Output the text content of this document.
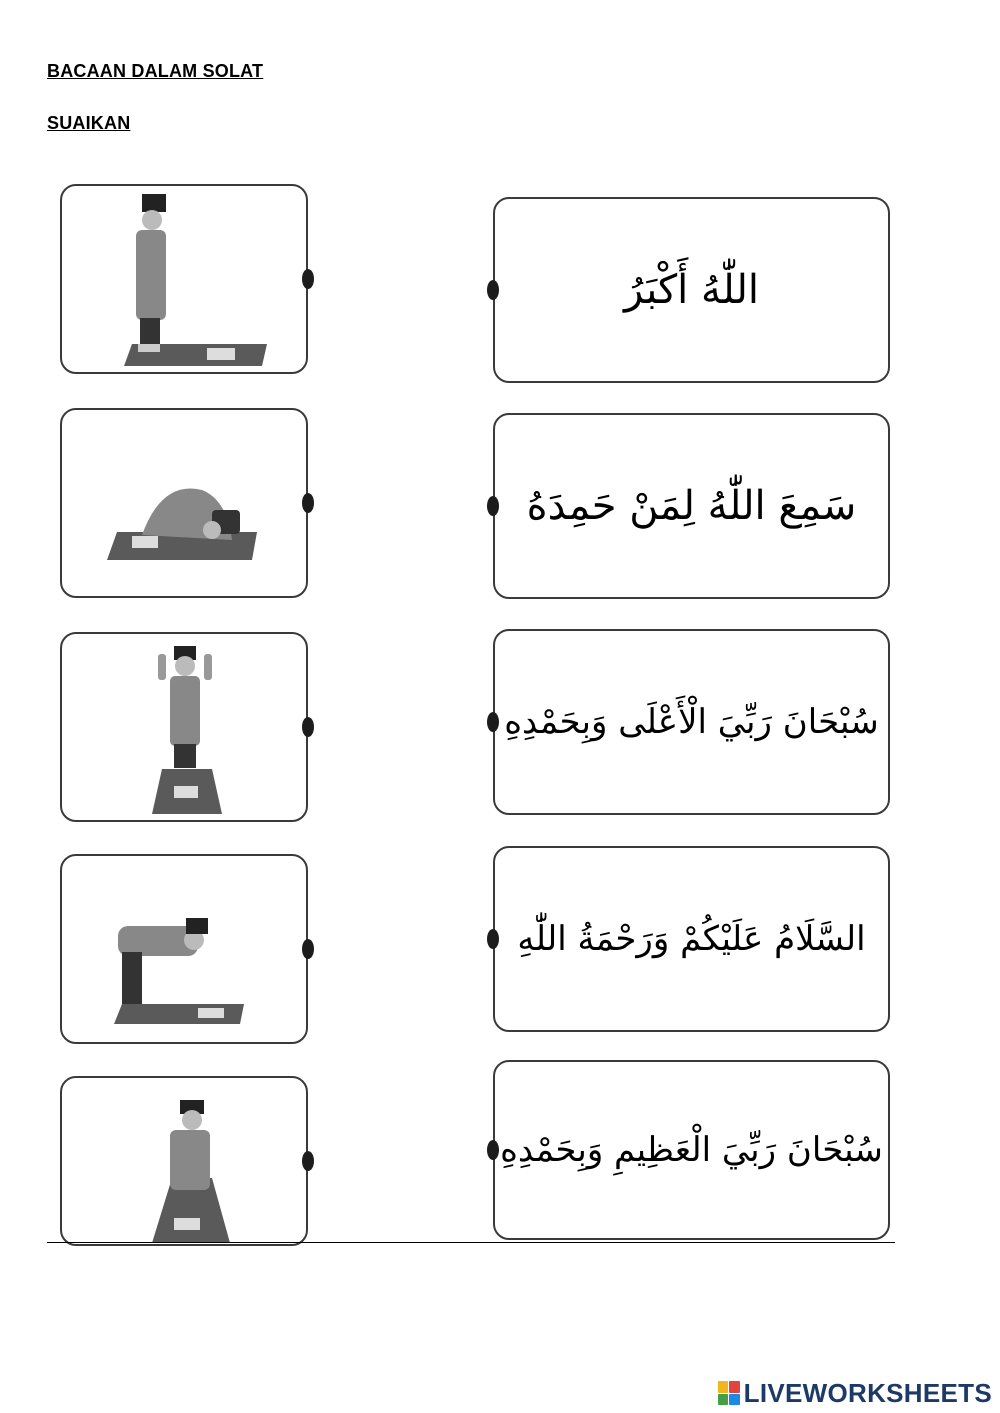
BACAAN DALAM SOLAT
SUAIKAN
اللّٰهُ أَكْبَرُ
سَمِعَ اللّٰهُ لِمَنْ حَمِدَهُ
سُبْحَانَ رَبِّيَ الْأَعْلَى وَبِحَمْدِهِ
السَّلَامُ عَلَيْكُمْ وَرَحْمَةُ اللّٰهِ
سُبْحَانَ رَبِّيَ الْعَظِيمِ وَبِحَمْدِهِ
LIVEWORKSHEETS
